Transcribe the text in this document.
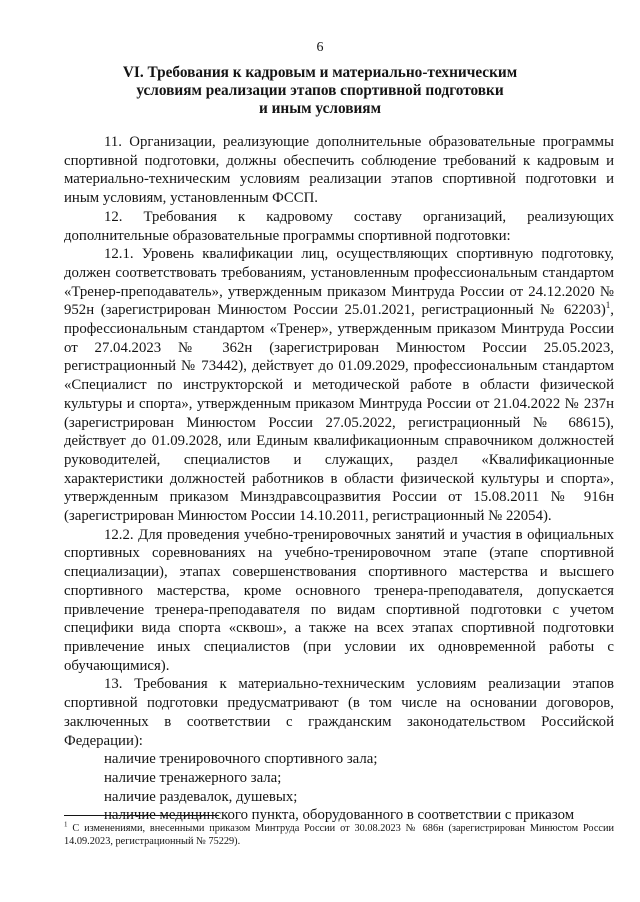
6
VI. Требования к кадровым и материально-техническим
условиям реализации этапов спортивной подготовки
и иным условиям

11. Организации, реализующие дополнительные образовательные программы спортивной подготовки, должны обеспечить соблюдение требований к кадровым и материально-техническим условиям реализации этапов спортивной подготовки и иным условиям, установленным ФССП.

12. Требования к кадровому составу организаций, реализующих дополнительные образовательные программы спортивной подготовки:

12.1. Уровень квалификации лиц, осуществляющих спортивную подготовку, должен соответствовать требованиям, установленным профессиональным стандартом «Тренер-преподаватель», утвержденным приказом Минтруда России от 24.12.2020 № 952н (зарегистрирован Минюстом России 25.01.2021, регистрационный № 62203)$^1$, профессиональным стандартом «Тренер», утвержденным приказом Минтруда России от 27.04.2023 № 362н (зарегистрирован Минюстом России 25.05.2023, регистрационный № 73442), действует до 01.09.2029, профессиональным стандартом «Специалист по инструкторской и методической работе в области физической культуры и спорта», утвержденным приказом Минтруда России от 21.04.2022 № 237н (зарегистрирован Минюстом России 27.05.2022, регистрационный № 68615), действует до 01.09.2028, или Единым квалификационным справочником должностей руководителей, специалистов и служащих, раздел «Квалификационные характеристики должностей работников в области физической культуры и спорта», утвержденным приказом Минздравсоцразвития России от 15.08.2011 № 916н (зарегистрирован Минюстом России 14.10.2011, регистрационный № 22054).

12.2. Для проведения учебно-тренировочных занятий и участия в официальных спортивных соревнованиях на учебно-тренировочном этапе (этапе спортивной специализации), этапах совершенствования спортивного мастерства и высшего спортивного мастерства, кроме основного тренера-преподавателя, допускается привлечение тренера-преподавателя по видам спортивной подготовки с учетом специфики вида спорта «сквош», а также на всех этапах спортивной подготовки привлечение иных специалистов (при условии их одновременной работы с обучающимися).

13. Требования к материально-техническим условиям реализации этапов спортивной подготовки предусматривают (в том числе на основании договоров, заключенных в соответствии с гражданским законодательством Российской Федерации):

наличие тренировочного спортивного зала;

наличие тренажерного зала;

наличие раздевалок, душевых;

наличие медицинского пункта, оборудованного в соответствии с приказом

$^1$ С изменениями, внесенными приказом Минтруда России от 30.08.2023 № 686н (зарегистрирован Минюстом России 14.09.2023, регистрационный № 75229).
